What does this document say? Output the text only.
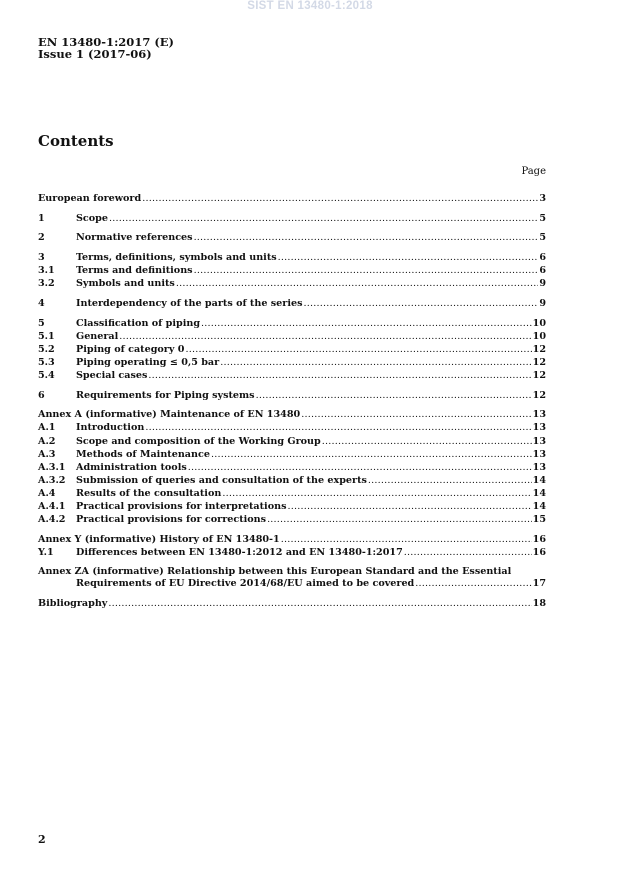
SIST EN 13480-1:2018
EN 13480-1:2017 (E)
Issue 1 (2017-06)
Contents
Page
European foreword .....	3
1	Scope .....	5
2	Normative references .....	5
3	Terms, definitions, symbols and units .....	6
3.1	Terms and definitions .....	6
3.2	Symbols and units .....	9
4	Interdependency of the parts of the series .....	9
5	Classification of piping .....	10
5.1	General .....	10
5.2	Piping of category 0 .....	12
5.3	Piping operating ≤ 0,5 bar .....	12
5.4	Special cases .....	12
6	Requirements for Piping systems .....	12
Annex A (informative) Maintenance of EN 13480 .....	13
A.1	Introduction .....	13
A.2	Scope and composition of the Working Group .....	13
A.3	Methods of Maintenance .....	13
A.3.1	Administration tools .....	13
A.3.2	Submission of queries and consultation of the experts .....	14
A.4	Results of the consultation .....	14
A.4.1	Practical provisions for interpretations .....	14
A.4.2	Practical provisions for corrections .....	15
Annex Y (informative) History of EN 13480-1 .....	16
Y.1	Differences between EN 13480-1:2012 and EN 13480-1:2017 .....	16
Annex ZA (informative) Relationship between this European Standard and the Essential
Requirements of EU Directive 2014/68/EU aimed to be covered .....	17
Bibliography .....	18
2
